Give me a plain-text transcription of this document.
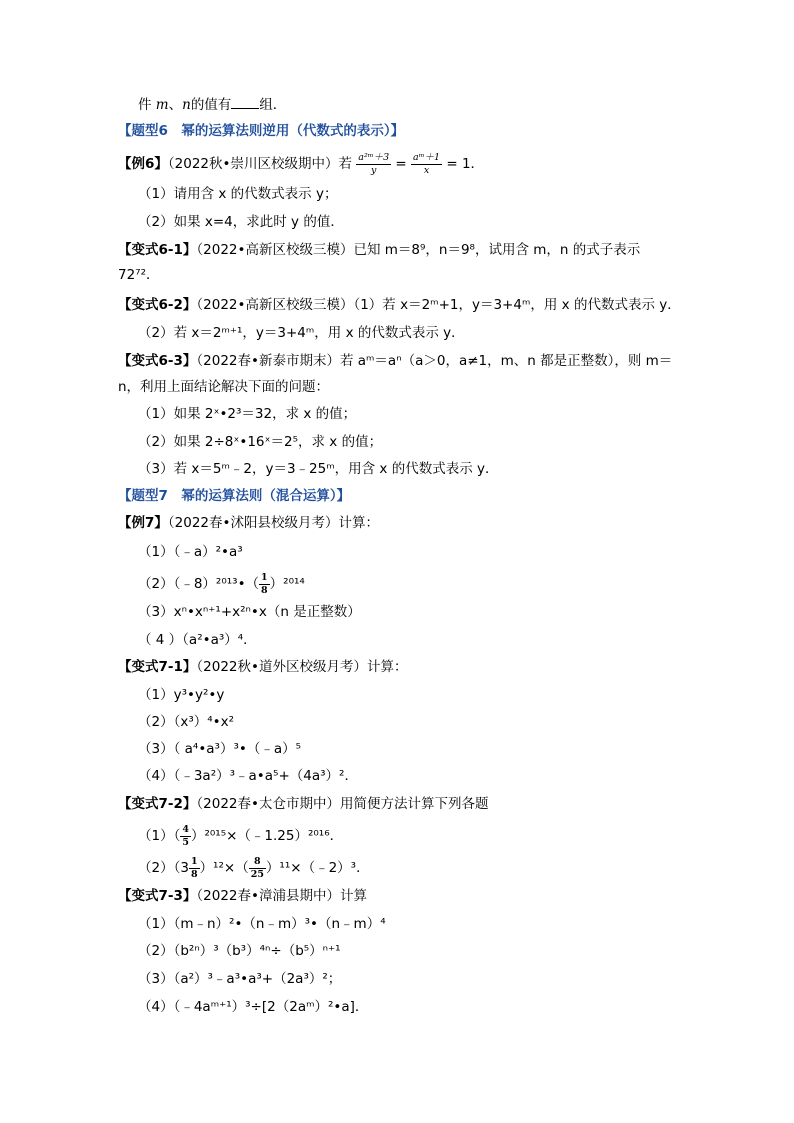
件 m、n的值有 组．
【题型6　幂的运算法则逆用（代数式的表示）】
【例6】（2022秋•崇川区校级期中）若 $\frac{\text{a²ᵐ＋3}}{y} = \frac{\text{aᵐ＋1}}{x} = 1$．
（1）请用含 x 的代数式表示 y；
（2）如果 x=4，求此时 y 的值．
【变式6-1】（2022•高新区校级三模）已知 m＝8⁹，n＝9⁸，试用含 m，n 的式子表示
72⁷²．
【变式6-2】（2022•高新区校级三模）（1）若 x＝2ᵐ+1，y＝3+4ᵐ，用 x 的代数式表示 y．
（2）若 x＝2ᵐ⁺¹，y＝3+4ᵐ，用 x 的代数式表示 y．
【变式6-3】（2022春•新泰市期末）若 aᵐ＝aⁿ（a＞0，a≠1，m、n 都是正整数），则 m＝
n，利用上面结论解决下面的问题：
（1）如果 2ˣ•2³＝32，求 x 的值；
（2）如果 2÷8ˣ•16ˣ＝2⁵，求 x 的值；
（3）若 x＝5ᵐ﹣2，y＝3﹣25ᵐ，用含 x 的代数式表示 y．
【题型7　幂的运算法则（混合运算）】
【例7】（2022春•沭阳县校级月考）计算：
（1）（﹣a）²•a³
（2）（﹣8）²⁰¹³•（ $\frac{1}{8} )^{2014}$
（3）xⁿ•xⁿ⁺¹+x²ⁿ•x（n 是正整数）
（ 4 ）（a²•a³）⁴．
【变式7-1】（2022秋•道外区校级月考）计算：
（1）y³•y²•y
（2）（x³）⁴•x²
（3）（ a⁴•a³）³•（﹣a）⁵
（4）（﹣3a²）³﹣a•a⁵+（4a³）²．
【变式7-2】（2022春•太仓市期中）用简便方法计算下列各题
$(1)( \frac{4}{5}$ ）²⁰¹⁵×（﹣1.25）²⁰¹⁶．
$(2)(3 \frac{1}{8} )^{12}\times( \frac{8}{25}$ ）¹¹×（﹣2）³．
【变式7-3】（2022春•漳浦县期中）计算
（1）（m﹣n）²•（n﹣m）³•（n﹣m）⁴
（2）（b²ⁿ）³（b³）⁴ⁿ÷（b⁵）ⁿ⁺¹
（3）（a²）³﹣a³•a³+（2a³）²；
（4）（﹣4aᵐ⁺¹）³÷[2（2aᵐ）²•a]．
